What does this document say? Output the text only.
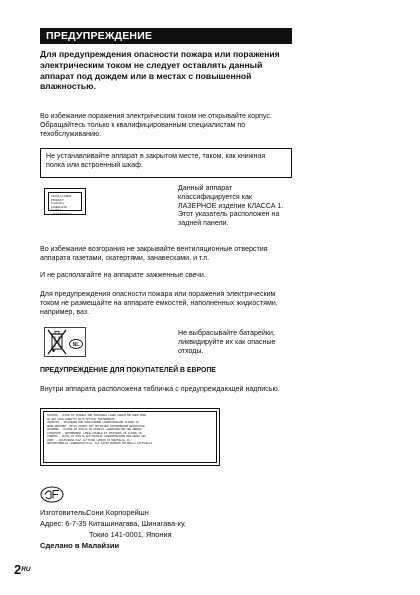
ПРЕДУПРЕЖДЕНИЕ

Для предупреждения опасности пожара или поражения электрическим током не следует оставлять данный аппарат под дождем или в местах с повышенной влажностью.

Во избежание поражения электрическим током не открывайте корпус. Обращайтесь только к квалифицированным специалистам по техобслуживанию.

Не устанавливайте аппарат в закрытом месте, таком, как книжная полка или встроенный шкаф.
CLASS 1 LASER PRODUCT
LUOKAN 1 LASERLAITE
KLASS 1 LASERAPPARAT

Данный аппарат классифицируется как ЛАЗЕРНОЕ изделие КЛАССА 1. Этот указатель расположен на задней панели.

Во избежание возгорания не закрывайте вентиляционные отверстия аппарата газетами, скатертями, занавесками, и т.п.

И не располагайте на аппарате зажженные свечи.

Для предупреждения опасности пожара или поражения электрическим током не размещайте на аппарате емкостей, наполненных жидкостями, например, ваз.

NL

Не выбрасывайте батарейки, ликвидируйте их как опасные отходы.

ПРЕДУПРЕЖДЕНИЕ ДЛЯ ПОКУПАТЕЛЕЙ В ЕВРОПЕ

Внутри аппарата расположена табличка с предупреждающей надписью.

CAUTION – CLASS 1M VISIBLE AND INVISIBLE LASER RADIATION WHEN OPEN
DO NOT VIEW DIRECTLY WITH OPTICAL INSTRUMENTS
VORSICHT – SICHTBARE UND UNSICHTBARE LASERSTRAHLUNG KLASSE 1M
WENN GEÖFFNET. NICHT DIREKT MIT OPTISCHEN INSTRUMENTEN BETRACHTEN
ADVARSEL – KLASSE 1M SYNLIG OG USYNLIG LASERSTRÅLING VED ÅBNING
ATTENTION – RAYONNEMENT LASER VISIBLE ET INVISIBLE DE CLASSE 1M
VARNING – KLASS 1M SYNLIG OCH OSYNLIG LASERSTRÅLNING NÄR DENNA DEL
VARO! – AVATTAESSA OLET ALTTIINA LUOKAN 1M NÄKYVÄLLE JA
NÄKYMÄTTÖMÄLLE LASERSÄTEILYLLE. ÄLÄ KATSO SUORAAN OPTISELLA LAITTEELLA

Изготовитель: Сони Корпорейшн

Адрес: 6-7-35 Киташинагава, Шинагава-ку,

Токио 141-0001, Япония

Сделано в Малайзии

$2^{RU}$
